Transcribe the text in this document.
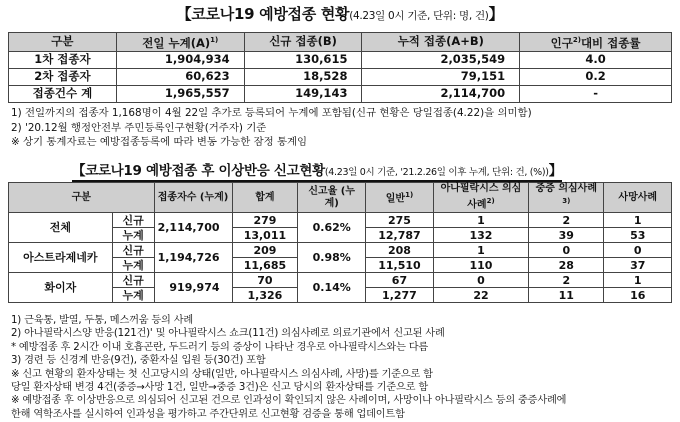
【코로나19 예방접종 현황(4.23일 0시 기준, 단위: 명, 건)】
구분	전일 누계$(A)^{1)}$	신규 접종(B)	누적 접종(A+B)	인구$^{2)}$대비 접종률
1차 접종자	1,904,934	130,615	2,035,549	4.0
2차 접종자	60,623	18,528	79,151	0.2
접종건수 계	1,965,557	149,143	2,114,700	-
1) 전일까지의 접종자 1,168명이 4월 22일 추가로 등록되어 누계에 포함됨(신규 현황은 당일접종(4.22)을 의미함)
2) '20.12월 행정안전부 주민등록인구현황(거주자) 기준
※ 상기 통계자료는 예방접종등록에 따라 변동 가능한 잠정 통계임
【코로나19 예방접종 후 이상반응 신고현황(4.23일 0시 기준, '21.2.26일 이후 누계, 단위: 건, (%))】
구분		접종자수 (누계)	합계	신고율 (누계)	일반$^{1)}$	아나필락시스 의심사례$^{2)}$	중증 의심사례$^{3)}$	사망사례
전체	신규	2,114,700	279	0.62%	275	1	2	1
	누계		13,011		12,787	132	39	53
아스트라제네카	신규	1,194,726	209	0.98%	208	1	0	0
	누계		11,685		11,510	110	28	37
화이자	신규	919,974	70	0.14%	67	0	2	1
	누계		1,326		1,277	22	11	16
1) 근육통, 발열, 두통, 메스꺼움 등의 사례
2) 아나필락시스양 반응(121건)' 및 아나필락시스 쇼크(11건) 의심사례로 의료기관에서 신고된 사례
* 예방접종 후 2시간 이내 호흡곤란, 두드러기 등의 증상이 나타난 경우로 아나필락시스와는 다름
3) 경련 등 신경계 반응(9건), 중환자실 입원 등(30건) 포함
※ 신고 현황의 환자상태는 첫 신고당시의 상태(일반, 아나필락시스 의심사례, 사망)를 기준으로 함
당일 환자상태 변경 4건(중증→사망 1건, 일반→중증 3건)은 신고 당시의 환자상태를 기준으로 함
※ 예방접종 후 이상반응으로 의심되어 신고된 건으로 인과성이 확인되지 않은 사례이며, 사망이나 아나필락시스 등의 중증사례에
한해 역학조사를 실시하여 인과성을 평가하고 주간단위로 신고현황 검증을 통해 업데이트함
